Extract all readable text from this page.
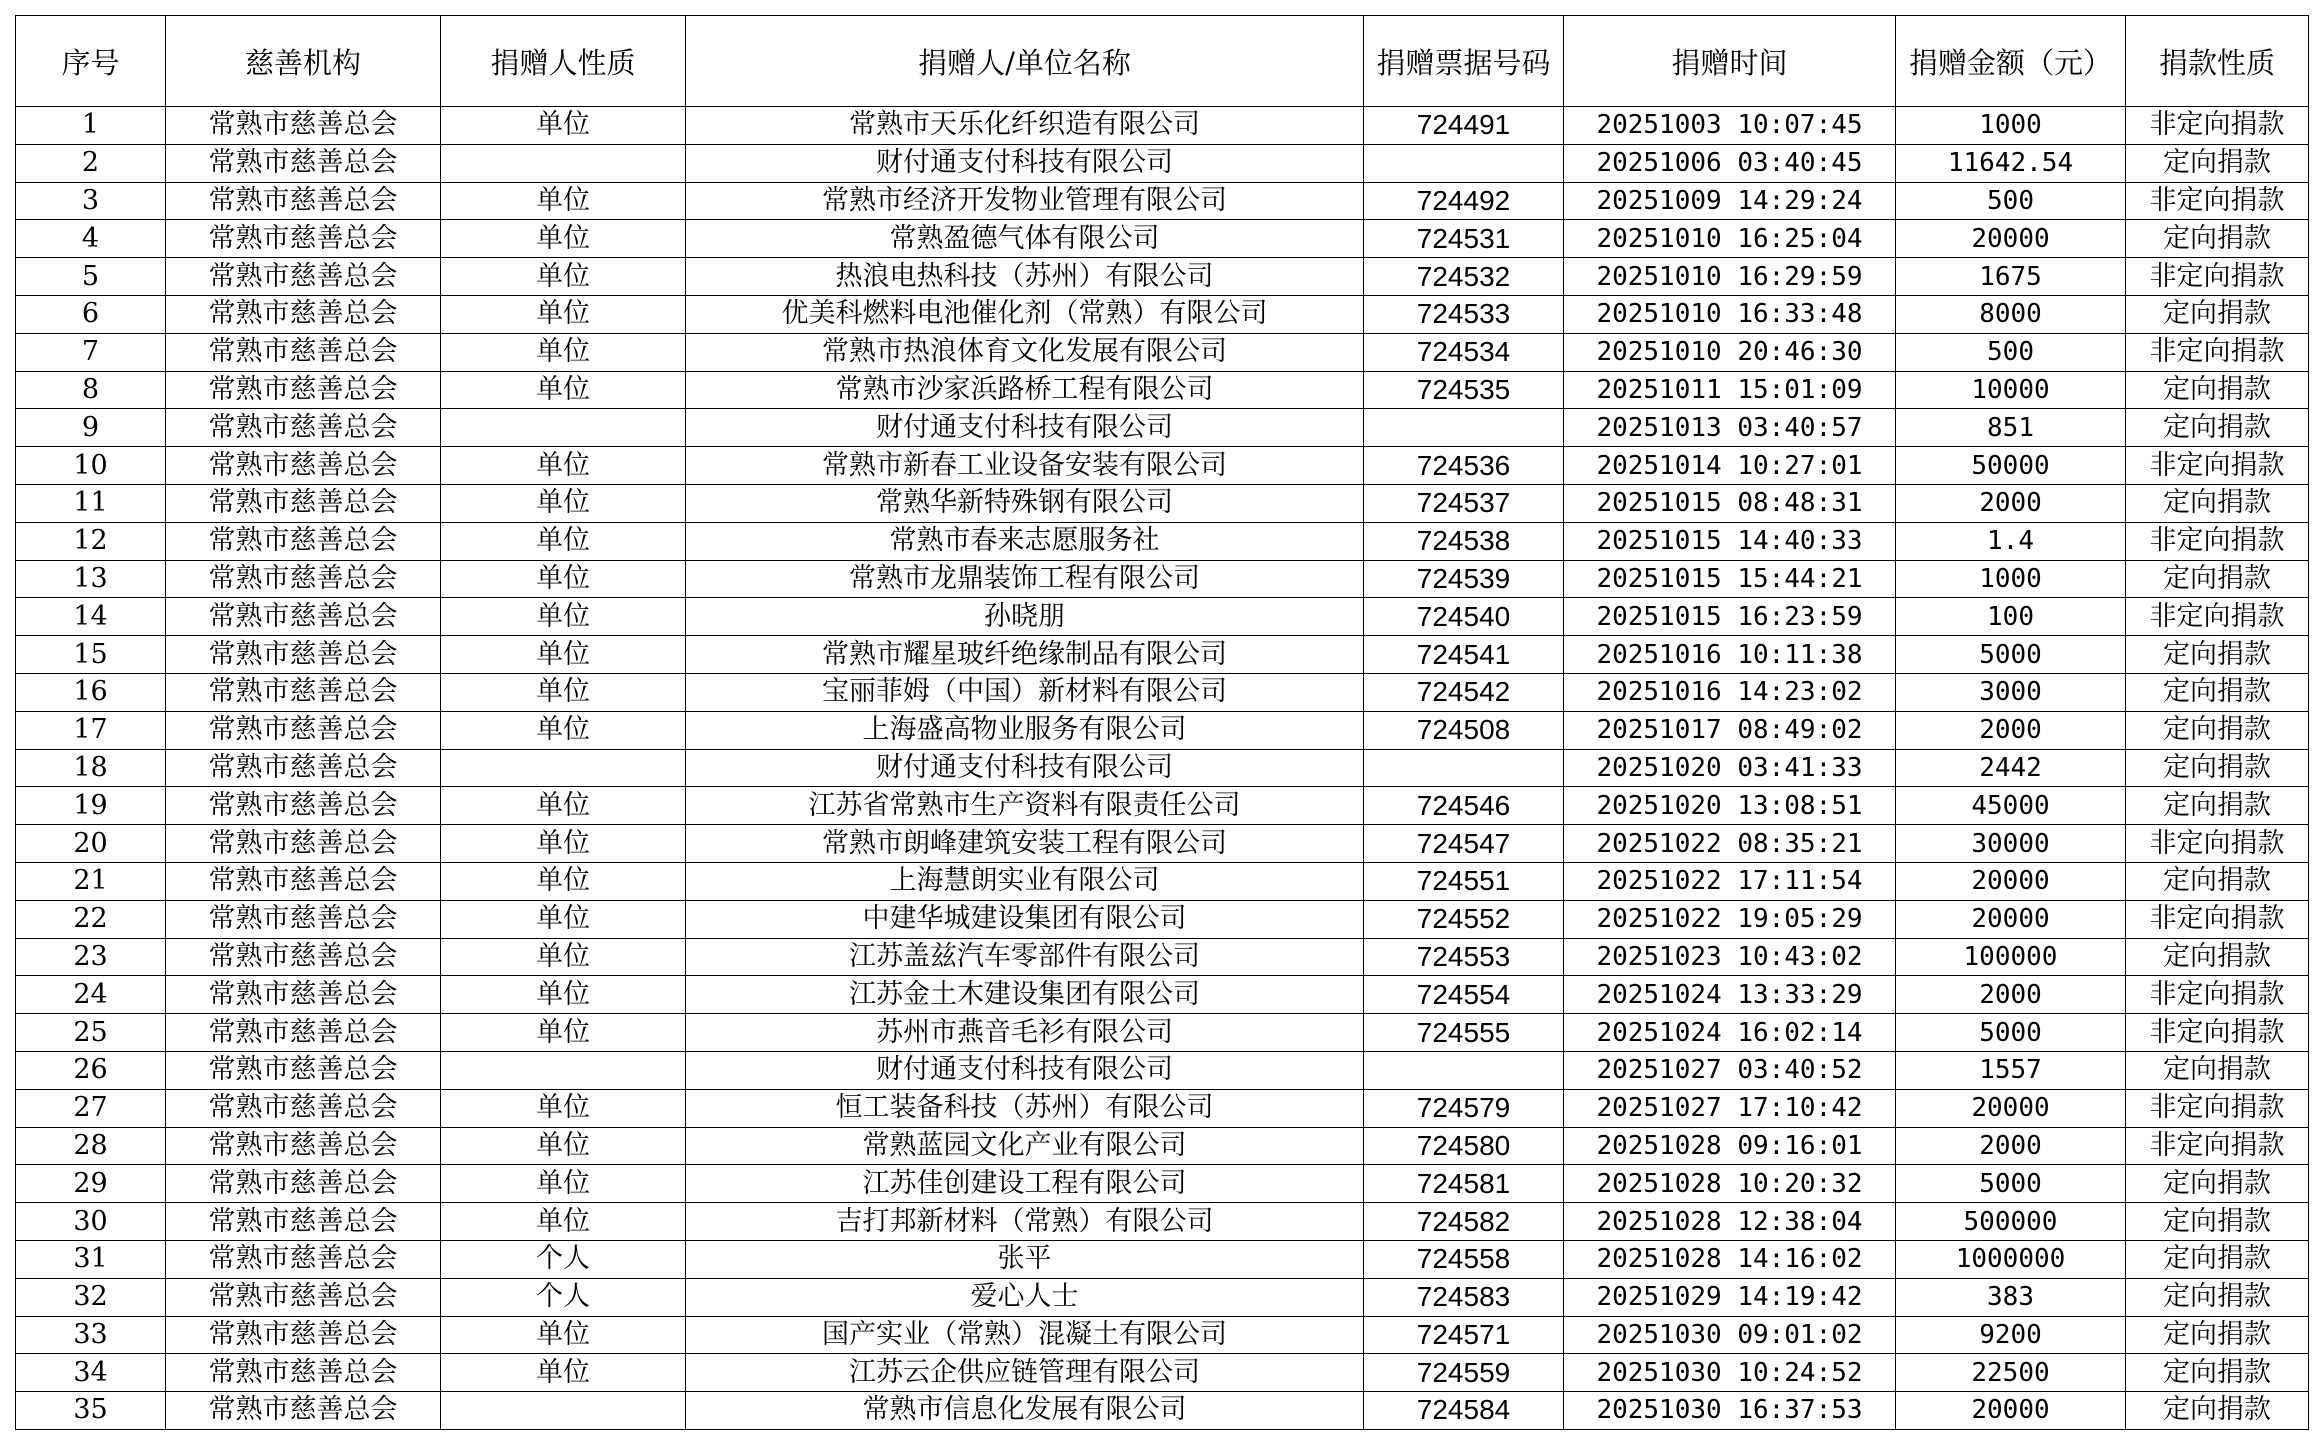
序号	慈善机构	捐赠人性质	捐赠人/单位名称	捐赠票据号码	捐赠时间	捐赠金额（元）	捐款性质
1	常熟市慈善总会	单位	常熟市天乐化纤织造有限公司	724491	20251003 10:07:45	1000	非定向捐款
2	常熟市慈善总会		财付通支付科技有限公司		20251006 03:40:45	11642.54	定向捐款
3	常熟市慈善总会	单位	常熟市经济开发物业管理有限公司	724492	20251009 14:29:24	500	非定向捐款
4	常熟市慈善总会	单位	常熟盈德气体有限公司	724531	20251010 16:25:04	20000	定向捐款
5	常熟市慈善总会	单位	热浪电热科技（苏州）有限公司	724532	20251010 16:29:59	1675	非定向捐款
6	常熟市慈善总会	单位	优美科燃料电池催化剂（常熟）有限公司	724533	20251010 16:33:48	8000	定向捐款
7	常熟市慈善总会	单位	常熟市热浪体育文化发展有限公司	724534	20251010 20:46:30	500	非定向捐款
8	常熟市慈善总会	单位	常熟市沙家浜路桥工程有限公司	724535	20251011 15:01:09	10000	定向捐款
9	常熟市慈善总会		财付通支付科技有限公司		20251013 03:40:57	851	定向捐款
10	常熟市慈善总会	单位	常熟市新春工业设备安装有限公司	724536	20251014 10:27:01	50000	非定向捐款
11	常熟市慈善总会	单位	常熟华新特殊钢有限公司	724537	20251015 08:48:31	2000	定向捐款
12	常熟市慈善总会	单位	常熟市春来志愿服务社	724538	20251015 14:40:33	1.4	非定向捐款
13	常熟市慈善总会	单位	常熟市龙鼎装饰工程有限公司	724539	20251015 15:44:21	1000	定向捐款
14	常熟市慈善总会	单位	孙晓朋	724540	20251015 16:23:59	100	非定向捐款
15	常熟市慈善总会	单位	常熟市耀星玻纤绝缘制品有限公司	724541	20251016 10:11:38	5000	定向捐款
16	常熟市慈善总会	单位	宝丽菲姆（中国）新材料有限公司	724542	20251016 14:23:02	3000	定向捐款
17	常熟市慈善总会	单位	上海盛高物业服务有限公司	724508	20251017 08:49:02	2000	定向捐款
18	常熟市慈善总会		财付通支付科技有限公司		20251020 03:41:33	2442	定向捐款
19	常熟市慈善总会	单位	江苏省常熟市生产资料有限责任公司	724546	20251020 13:08:51	45000	定向捐款
20	常熟市慈善总会	单位	常熟市朗峰建筑安装工程有限公司	724547	20251022 08:35:21	30000	非定向捐款
21	常熟市慈善总会	单位	上海慧朗实业有限公司	724551	20251022 17:11:54	20000	定向捐款
22	常熟市慈善总会	单位	中建华城建设集团有限公司	724552	20251022 19:05:29	20000	非定向捐款
23	常熟市慈善总会	单位	江苏盖兹汽车零部件有限公司	724553	20251023 10:43:02	100000	定向捐款
24	常熟市慈善总会	单位	江苏金土木建设集团有限公司	724554	20251024 13:33:29	2000	非定向捐款
25	常熟市慈善总会	单位	苏州市燕音毛衫有限公司	724555	20251024 16:02:14	5000	非定向捐款
26	常熟市慈善总会		财付通支付科技有限公司		20251027 03:40:52	1557	定向捐款
27	常熟市慈善总会	单位	恒工装备科技（苏州）有限公司	724579	20251027 17:10:42	20000	非定向捐款
28	常熟市慈善总会	单位	常熟蓝园文化产业有限公司	724580	20251028 09:16:01	2000	非定向捐款
29	常熟市慈善总会	单位	江苏佳创建设工程有限公司	724581	20251028 10:20:32	5000	定向捐款
30	常熟市慈善总会	单位	吉打邦新材料（常熟）有限公司	724582	20251028 12:38:04	500000	定向捐款
31	常熟市慈善总会	个人	张平	724558	20251028 14:16:02	1000000	定向捐款
32	常熟市慈善总会	个人	爱心人士	724583	20251029 14:19:42	383	定向捐款
33	常熟市慈善总会	单位	国产实业（常熟）混凝土有限公司	724571	20251030 09:01:02	9200	定向捐款
34	常熟市慈善总会	单位	江苏云企供应链管理有限公司	724559	20251030 10:24:52	22500	定向捐款
35	常熟市慈善总会		常熟市信息化发展有限公司	724584	20251030 16:37:53	20000	定向捐款
